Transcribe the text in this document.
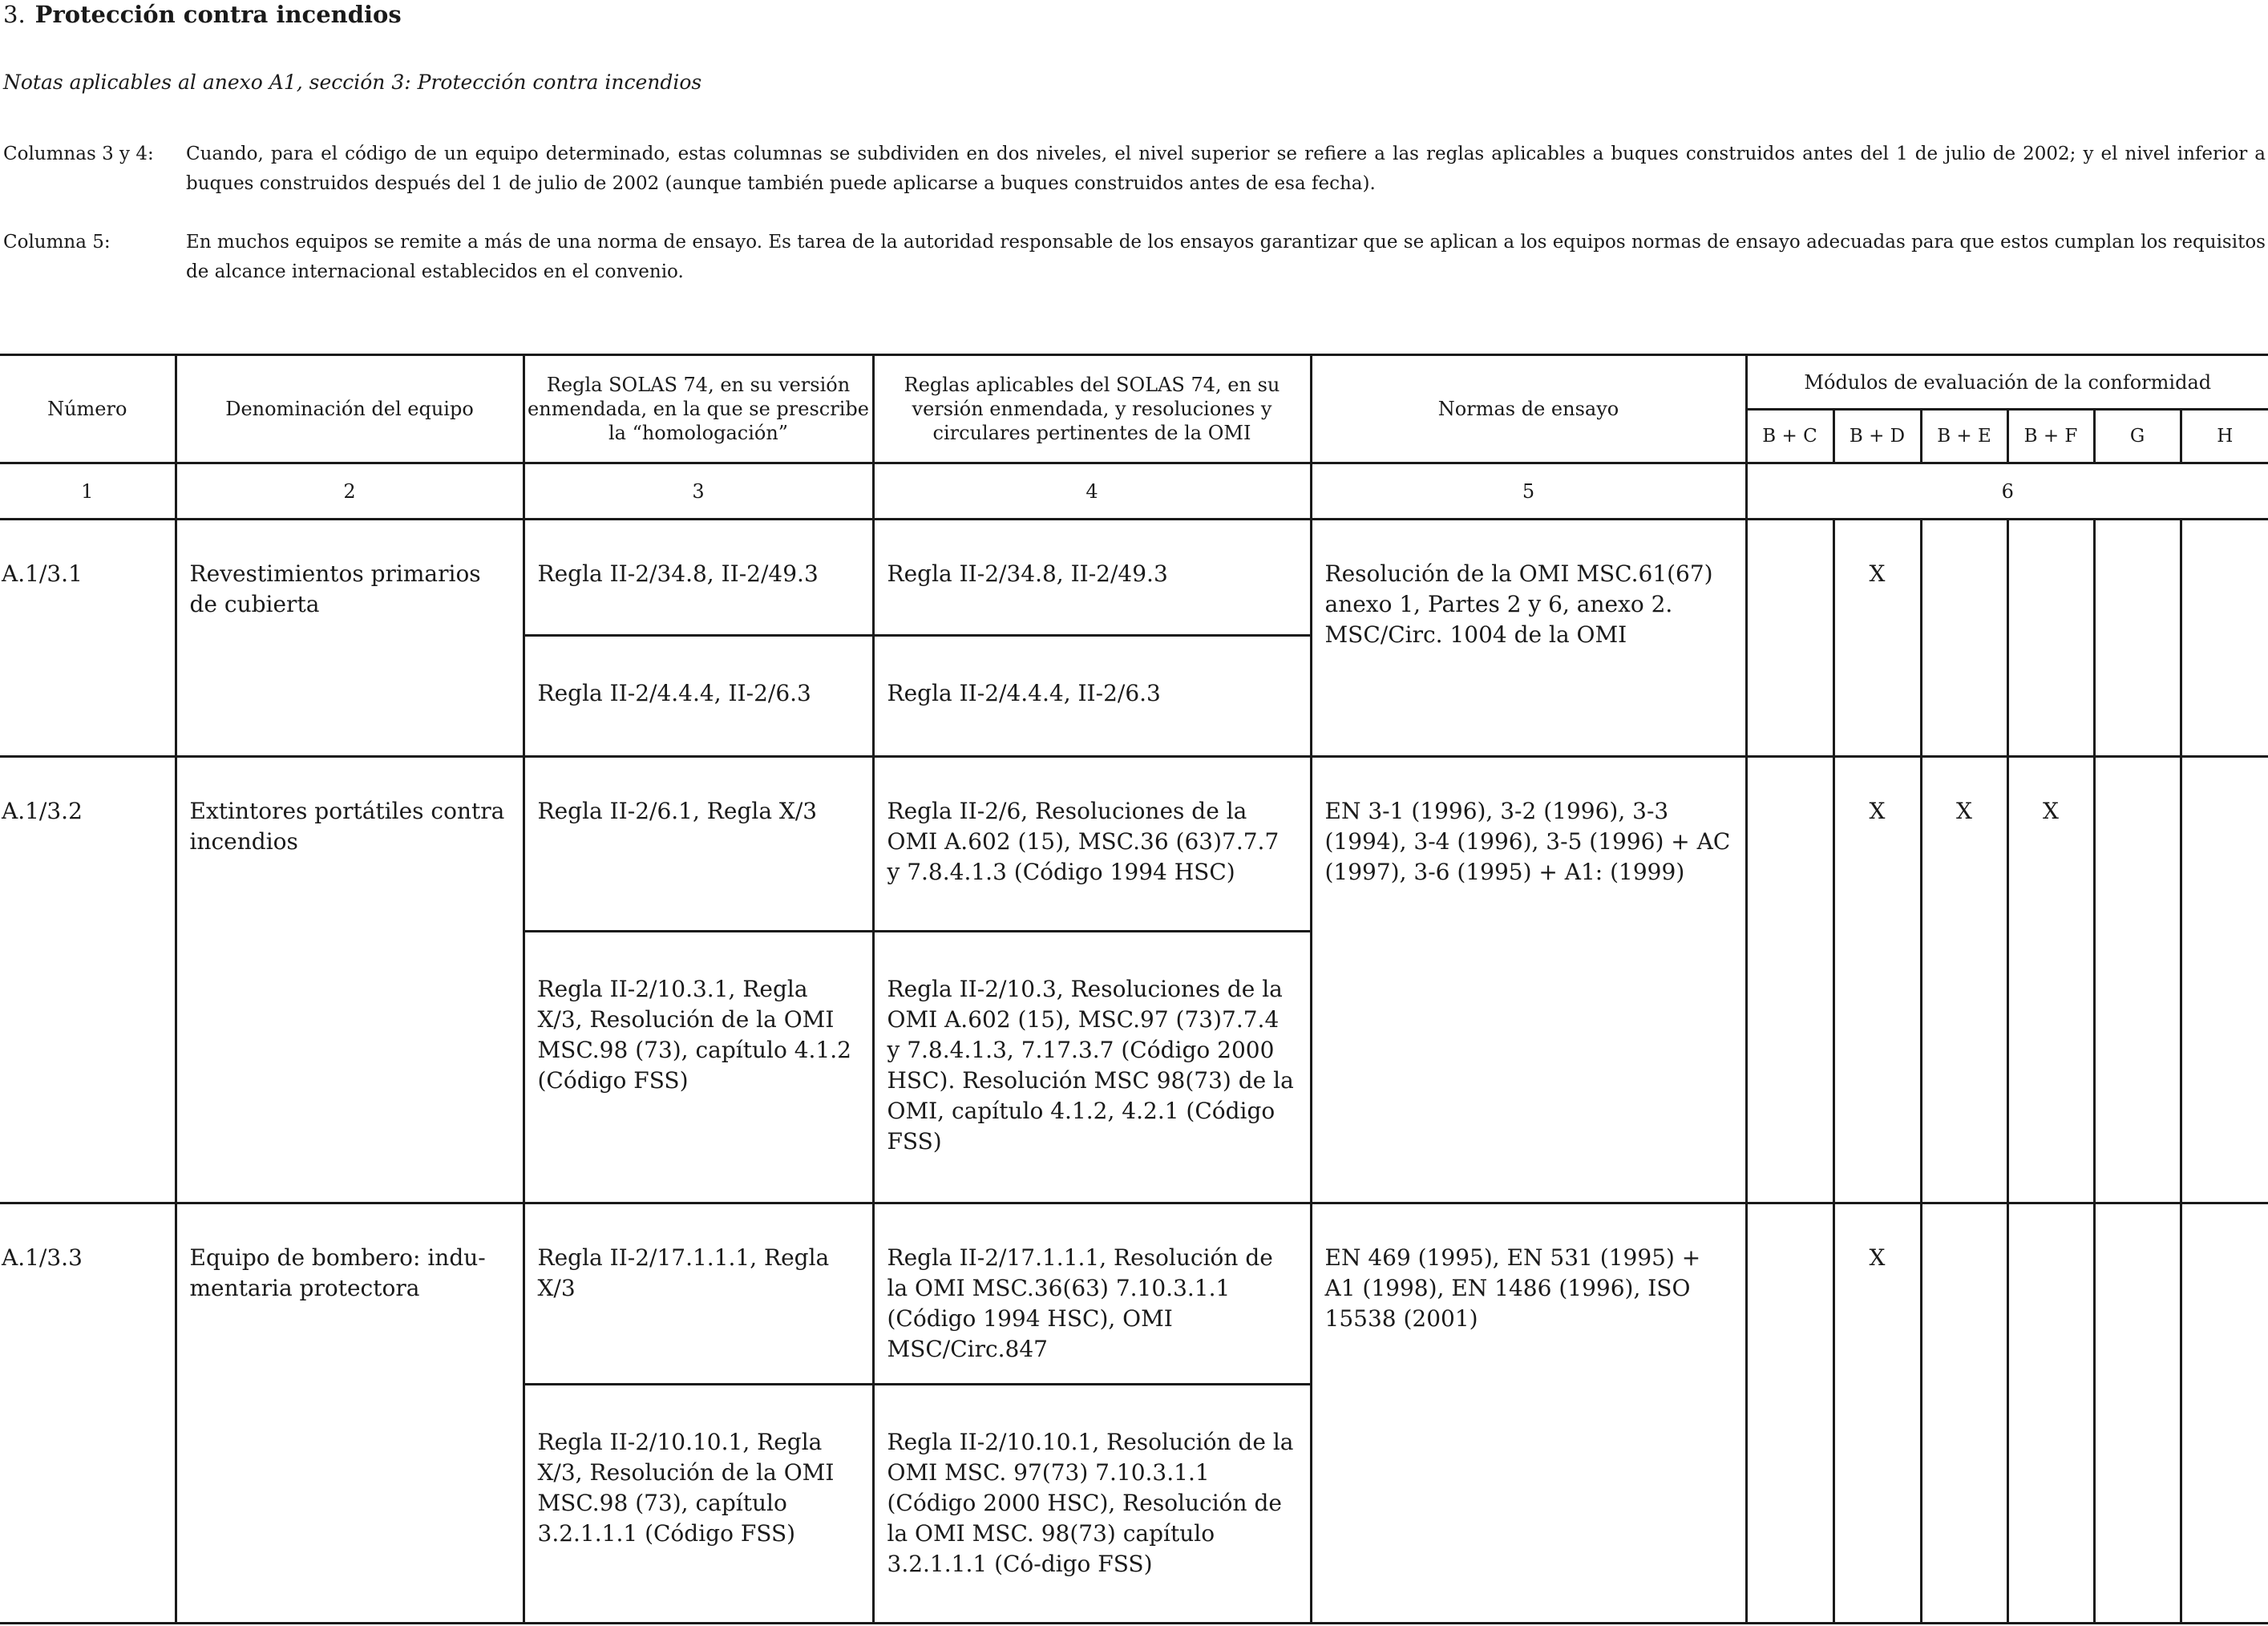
3. Protección contra incendios
Notas aplicables al anexo A1, sección 3: Protección contra incendios
Columnas 3 y 4: Cuando, para el código de un equipo determinado, estas columnas se subdividen en dos niveles, el nivel superior se refiere a las reglas aplicables a buques construidos antes del 1 de julio de 2002; y el nivel inferior a buques construidos después del 1 de julio de 2002 (aunque también puede aplicarse a buques construidos antes de esa fecha).
Columna 5:	En muchos equipos se remite a más de una norma de ensayo. Es tarea de la autoridad responsable de los ensayos garantizar que se aplican a los equipos normas de ensayo adecuadas para que estos cumplan los requisitos de alcance internacional establecidos en el convenio.
Número	Denominación del equipo	Regla SOLAS 74, en su versión enmendada, en la que se prescribe la “homologación”	Reglas aplicables del SOLAS 74, en su versión enmendada, y resoluciones y circulares pertinentes de la OMI	Normas de ensayo	Módulos de evaluación de la conformidad					
					B + C	B + D	B + E	B + F	G	H
1	2	3	4	5	6					

A.1/3.1	Revestimientos primarios de cubierta	Regla II-2/34.8, II-2/49.3	Regla II-2/34.8, II-2/49.3	Resolución de la OMI MSC.61(67) anexo 1, Partes 2 y 6, anexo 2. MSC/Circ. 1004 de la OMI		X				

		Regla II-2/4.4.4, II-2/6.3	Regla II-2/4.4.4, II-2/6.3							

A.1/3.2	Extintores portátiles contra incendios	Regla II-2/6.1, Regla X/3	Regla II-2/6, Resoluciones de la OMI A.602 (15), MSC.36 (63)7.7.7 y 7.8.4.1.3 (Código 1994 HSC)	EN 3-1 (1996), 3-2 (1996), 3-3 (1994), 3-4 (1996), 3-5 (1996) + AC (1997), 3-6 (1995) + A1: (1999)		X	X	X		

		Regla II-2/10.3.1, Regla X/3, Resolución de la OMI MSC.98 (73), capítulo 4.1.2 (Código FSS)	Regla II-2/10.3, Resoluciones de la OMI A.602 (15), MSC.97 (73)7.7.4 y 7.8.4.1.3, 7.17.3.7 (Código 2000 HSC). Resolución MSC 98(73) de la OMI, capítulo 4.1.2, 4.2.1 (Código FSS)							

A.1/3.3	Equipo de bombero: indu-mentaria protectora	Regla II-2/17.1.1.1, Regla X/3	Regla II-2/17.1.1.1, Resolución de la OMI MSC.36(63) 7.10.3.1.1 (Código 1994 HSC), OMI MSC/Circ.847	EN 469 (1995), EN 531 (1995) + A1 (1998), EN 1486 (1996), ISO 15538 (2001)		X				

		Regla II-2/10.10.1, Regla X/3, Resolución de la OMI MSC.98 (73), capítulo 3.2.1.1.1 (Código FSS)	Regla II-2/10.10.1, Resolución de la OMI MSC. 97(73) 7.10.3.1.1 (Código 2000 HSC), Resolución de la OMI MSC. 98(73) capítulo 3.2.1.1.1 (Có-digo FSS)							
